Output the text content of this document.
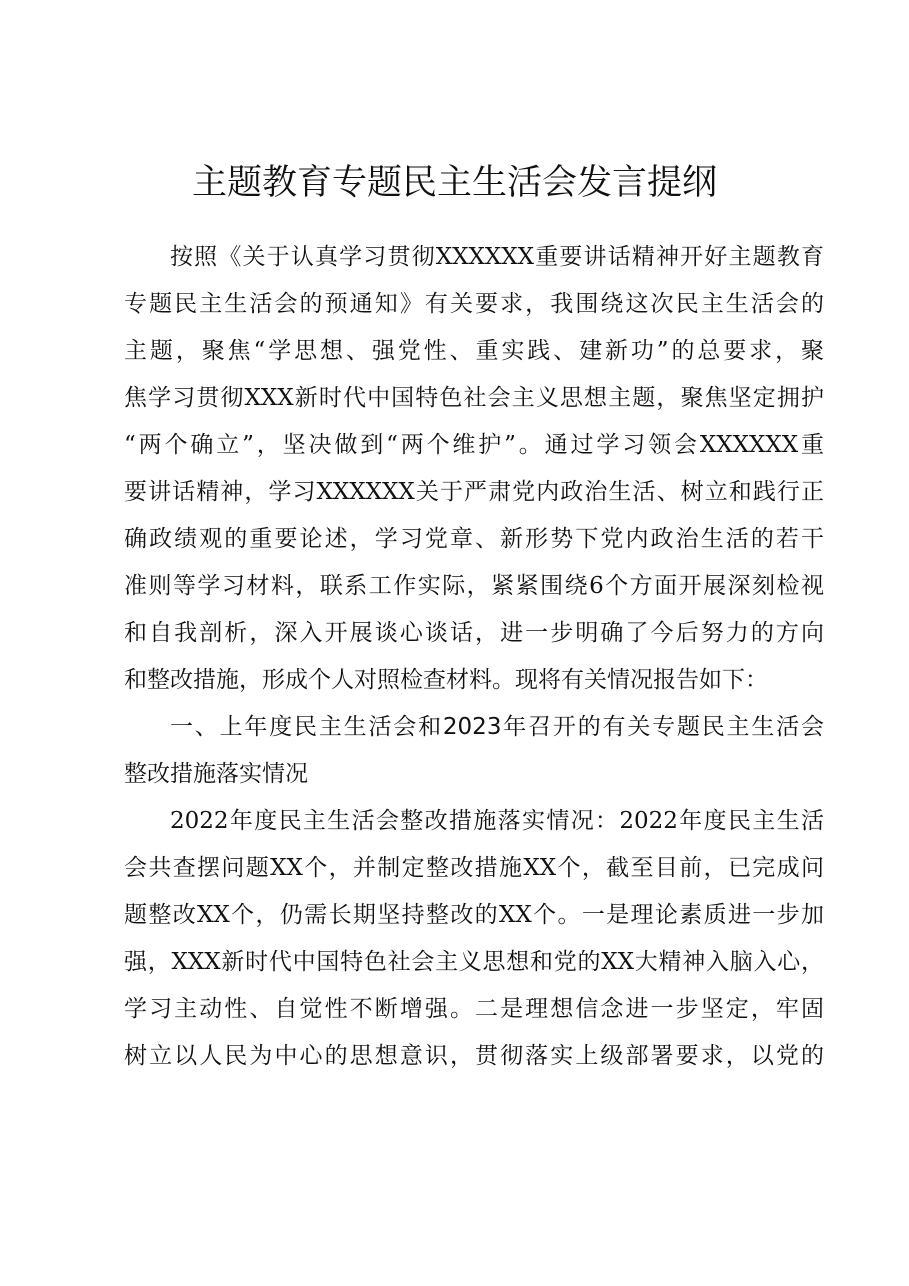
主题教育专题民主生活会发言提纲
按照《关于认真学习贯彻XXXXXX重要讲话精神开好主题教育
专题民主生活会的预通知》有关要求，我围绕这次民主生活会的
主题，聚焦“学思想、强党性、重实践、建新功”的总要求，聚
焦学习贯彻XXX新时代中国特色社会主义思想主题，聚焦坚定拥护
“两个确立”，坚决做到“两个维护”。通过学习领会XXXXXX重
要讲话精神，学习XXXXXX关于严肃党内政治生活、树立和践行正
确政绩观的重要论述，学习党章、新形势下党内政治生活的若干
准则等学习材料，联系工作实际，紧紧围绕6个方面开展深刻检视
和自我剖析，深入开展谈心谈话，进一步明确了今后努力的方向
和整改措施，形成个人对照检查材料。现将有关情况报告如下：
一、上年度民主生活会和2023年召开的有关专题民主生活会
整改措施落实情况
2022年度民主生活会整改措施落实情况：2022年度民主生活
会共查摆问题XX个，并制定整改措施XX个，截至目前，已完成问
题整改XX个，仍需长期坚持整改的XX个。一是理论素质进一步加
强，XXX新时代中国特色社会主义思想和党的XX大精神入脑入心，
学习主动性、自觉性不断增强。二是理想信念进一步坚定，牢固
树立以人民为中心的思想意识，贯彻落实上级部署要求，以党的
